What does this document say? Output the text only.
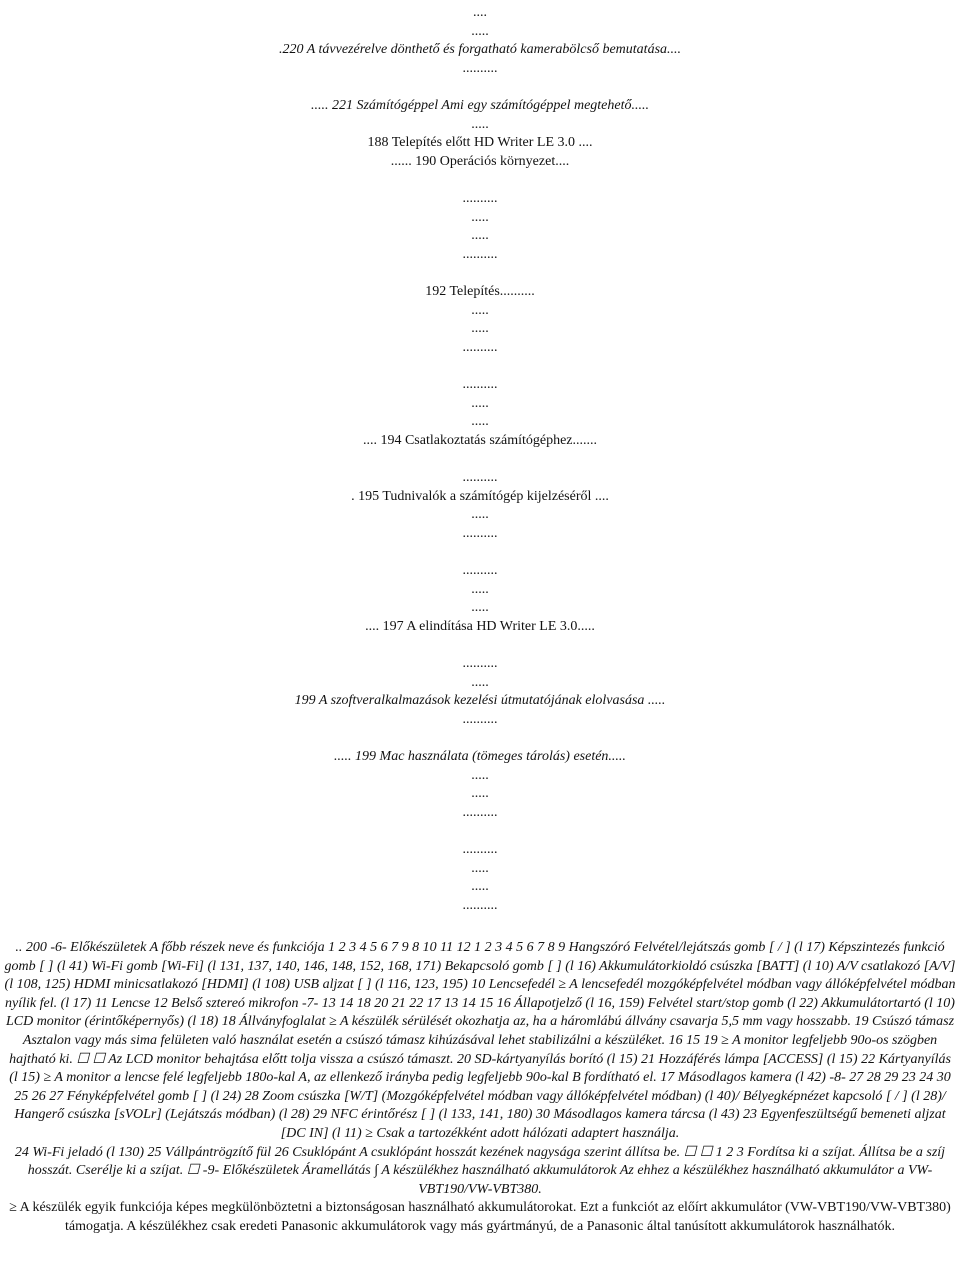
....
.....
.220 A távvezérelve dönthető és forgatható kamerabölcső bemutatása....
..........
..... 221 Számítógéppel Ami egy számítógéppel megtehető.....
.....
188 Telepítés előtt HD Writer LE 3.0 ....
...... 190 Operációs környezet....
..........
.....
.....
..........
192 Telepítés..........
.....
.....
..........
..........
.....
.....
.... 194 Csatlakoztatás számítógéphez.......
..........
. 195 Tudnivalók a számítógép kijelzéséről ....
.....
..........
..........
.....
.....
.... 197 A elindítása HD Writer LE 3.0.....
..........
.....
199 A szoftveralkalmazások kezelési útmutatójának elolvasása .....
..........
..... 199 Mac használata (tömeges tárolás) esetén.....
.....
.....
..........
..........
.....
.....
..........

.. 200 -6- Előkészületek A főbb részek neve és funkciója 1 2 3 4 5 6 7 9 8 10 11 12 1 2 3 4 5 6 7 8 9 Hangszóró Felvétel/lejátszás gomb [ / ] (l 17) Képszintezés funkció gomb [ ] (l 41) Wi-Fi gomb [Wi-Fi] (l 131, 137, 140, 146, 148, 152, 168, 171) Bekapcsoló gomb [ ] (l 16) Akkumulátorkioldó csúszka [BATT] (l 10) A/V csatlakozó [A/V] (l 108, 125) HDMI minicsatlakozó [HDMI] (l 108) USB aljzat [ ] (l 116, 123, 195) 10 Lencsefedél ≥ A lencsefedél mozgóképfelvétel módban vagy állóképfelvétel módban nyílik fel. (l 17) 11 Lencse 12 Belső sztereó mikrofon -7- 13 14 18 20 21 22 17 13 14 15 16 Állapotjelző (l 16, 159) Felvétel start/stop gomb (l 22) Akkumulátortartó (l 10) LCD monitor (érintőképernyős) (l 18) 18 Állványfoglalat ≥ A készülék sérülését okozhatja az, ha a háromlábú állvány csavarja 5,5 mm vagy hosszabb. 19 Csúszó támasz Asztalon vagy más sima felületen való használat esetén a csúszó támasz kihúzásával lehet stabilizálni a készüléket. 16 15 19 ≥ A monitor legfeljebb 90o-os szögben hajtható ki. ☐ ☐ Az LCD monitor behajtása előtt tolja vissza a csúszó támaszt. 20 SD-kártyanyílás borító (l 15) 21 Hozzáférés lámpa [ACCESS] (l 15) 22 Kártyanyílás (l 15) ≥ A monitor a lencse felé legfeljebb 180o-kal A, az ellenkező irányba pedig legfeljebb 90o-kal B fordítható el. 17 Másodlagos kamera (l 42) -8- 27 28 29 23 24 30 25 26 27 Fényképfelvétel gomb [ ] (l 24) 28 Zoom csúszka [W/T] (Mozgóképfelvétel módban vagy állóképfelvétel módban) (l 40)/ Bélyegképnézet kapcsoló [ / ] (l 28)/ Hangerő csúszka [sVOLr] (Lejátszás módban) (l 28) 29 NFC érintőrész [ ] (l 133, 141, 180) 30 Másodlagos kamera tárcsa (l 43) 23 Egyenfeszültségű bemeneti aljzat [DC IN] (l 11) ≥ Csak a tartozékként adott hálózati adaptert használja.

24 Wi-Fi jeladó (l 130) 25 Vállpántrögzítő fül 26 Csuklópánt A csuklópánt hosszát kezének nagysága szerint állítsa be. ☐ ☐ 1 2 3 Fordítsa ki a szíjat. Állítsa be a szíj hosszát. Cserélje ki a szíjat. ☐ -9- Előkészületek Áramellátás ∫ A készülékhez használható akkumulátorok Az ehhez a készülékhez használható akkumulátor a VW-VBT190/VW-VBT380.

≥ A készülék egyik funkciója képes megkülönböztetni a biztonságosan használható akkumulátorokat. Ezt a funkciót az előírt akkumulátor (VW-VBT190/VW-VBT380) támogatja. A készülékhez csak eredeti Panasonic akkumulátorok vagy más gyártmányú, de a Panasonic által tanúsított akkumulátorok használhatók.
